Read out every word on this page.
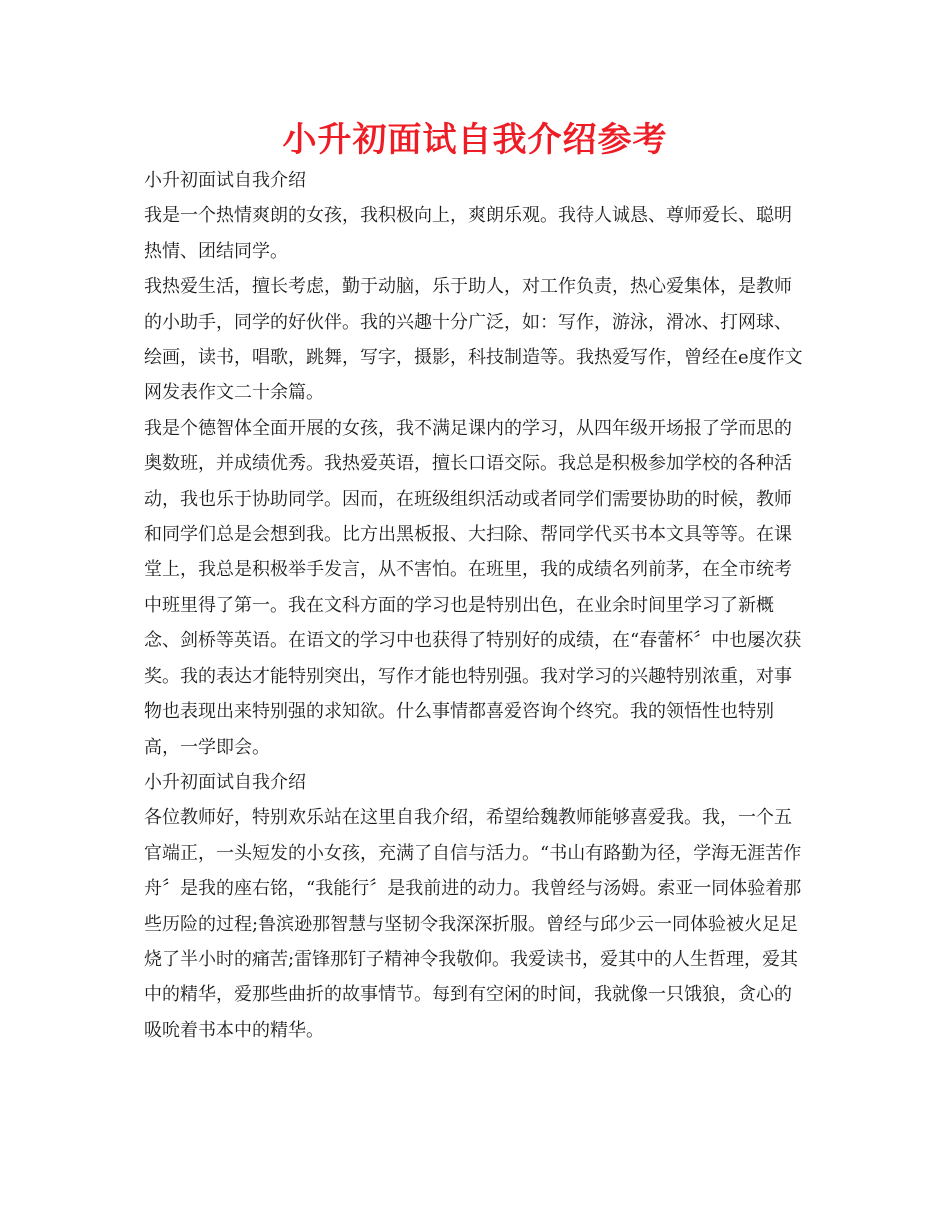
小升初面试自我介绍参考

小升初面试自我介绍

我是一个热情爽朗的女孩，我积极向上，爽朗乐观。我待人诚恳、尊师爱长、聪明热情、团结同学。

我热爱生活，擅长考虑，勤于动脑，乐于助人，对工作负责，热心爱集体，是教师的小助手，同学的好伙伴。我的兴趣十分广泛，如：写作，游泳，滑冰、打网球、绘画，读书，唱歌，跳舞，写字，摄影，科技制造等。我热爱写作，曾经在e度作文网发表作文二十余篇。

我是个德智体全面开展的女孩，我不满足课内的学习，从四年级开场报了学而思的奥数班，并成绩优秀。我热爱英语，擅长口语交际。我总是积极参加学校的各种活动，我也乐于协助同学。因而，在班级组织活动或者同学们需要协助的时候，教师和同学们总是会想到我。比方出黑板报、大扫除、帮同学代买书本文具等等。在课堂上，我总是积极举手发言，从不害怕。在班里，我的成绩名列前茅，在全市统考中班里得了第一。我在文科方面的学习也是特别出色，在业余时间里学习了新概念、剑桥等英语。在语文的学习中也获得了特别好的成绩，在“春蕾杯〞中也屡次获奖。我的表达才能特别突出，写作才能也特别强。我对学习的兴趣特别浓重，对事物也表现出来特别强的求知欲。什么事情都喜爱咨询个终究。我的领悟性也特别高，一学即会。

小升初面试自我介绍

各位教师好，特别欢乐站在这里自我介绍，希望给魏教师能够喜爱我。我，一个五官端正，一头短发的小女孩，充满了自信与活力。“书山有路勤为径，学海无涯苦作舟〞是我的座右铭，“我能行〞是我前进的动力。我曾经与汤姆。索亚一同体验着那些历险的过程;鲁滨逊那智慧与坚韧令我深深折服。曾经与邱少云一同体验被火足足烧了半小时的痛苦;雷锋那钉子精神令我敬仰。我爱读书，爱其中的人生哲理，爱其中的精华，爱那些曲折的故事情节。每到有空闲的时间，我就像一只饿狼，贪心的吸吮着书本中的精华。
